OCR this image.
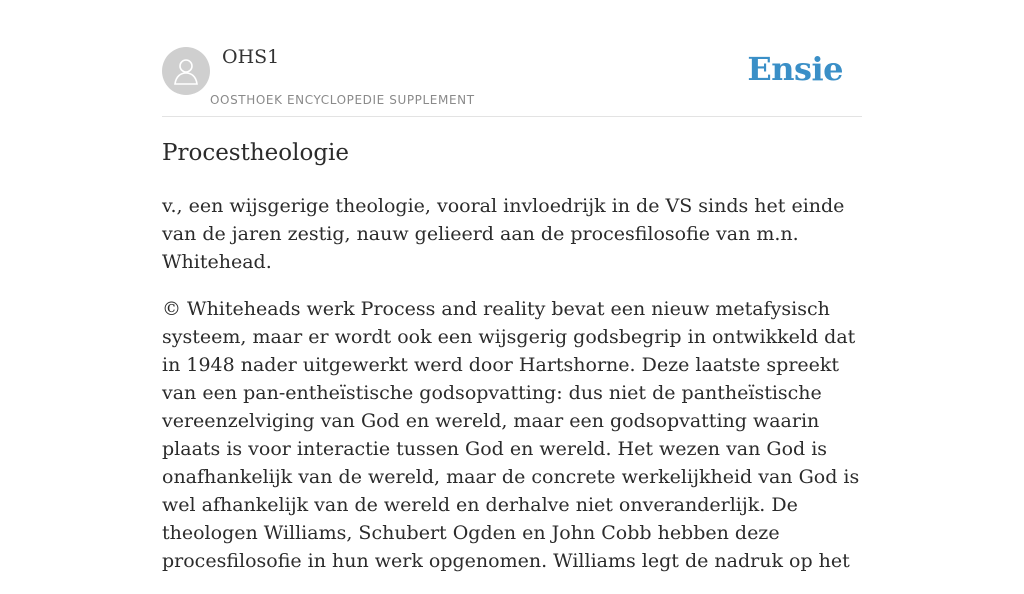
OHS1
OOSTHOEK ENCYCLOPEDIE SUPPLEMENT
Ensie
Procestheologie

v., een wijsgerige theologie, vooral invloedrijk in de VS sinds het einde van de jaren zestig, nauw gelieerd aan de procesfilosofie van m.n. Whitehead.

© Whiteheads werk Process and reality bevat een nieuw metafysisch systeem, maar er wordt ook een wijsgerig godsbegrip in ontwikkeld dat in 1948 nader uitgewerkt werd door Hartshorne. Deze laatste spreekt van een pan-entheïstische godsopvatting: dus niet de pantheïstische vereenzelviging van God en wereld, maar een godsopvatting waarin plaats is voor interactie tussen God en wereld. Het wezen van God is onafhankelijk van de wereld, maar de concrete werkelijkheid van God is wel afhankelijk van de wereld en derhalve niet onveranderlijk. De theologen Williams, Schubert Ogden en John Cobb hebben deze procesfilosofie in hun werk opgenomen. Williams legt de nadruk op het
